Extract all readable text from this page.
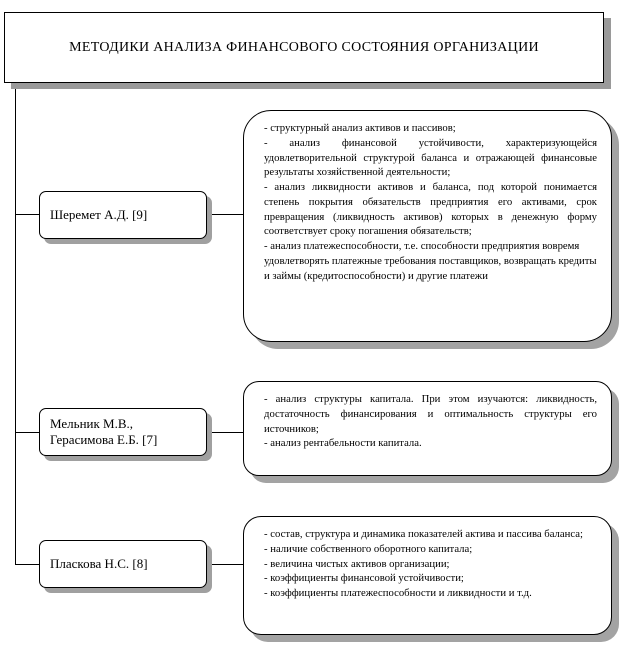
МЕТОДИКИ АНАЛИЗА ФИНАНСОВОГО СОСТОЯНИЯ ОРГАНИЗАЦИИ
Шеремет А.Д. [9]
- структурный анализ активов и пассивов;
- анализ финансовой устойчивости, характеризующейся удовлетворительной структурой баланса и отражающей финансовые результаты хозяйственной деятельности;
- анализ ликвидности активов и баланса, под которой понимается степень покрытия обязательств предприятия его активами, срок превращения (ликвидность активов) которых в денежную форму соответствует сроку погашения обязательств;
- анализ платежеспособности, т.е. способности предприятия вовремя удовлетворять платежные требования поставщиков, возвращать кредиты и займы (кредитоспособности) и другие платежи
Мельник М.В., Герасимова Е.Б. [7]
- анализ структуры капитала. При этом изучаются: ликвидность, достаточность финансирования и оптимальность структуры его источников;
- анализ рентабельности капитала.
Пласкова Н.С. [8]
- состав, структура и динамика показателей актива и пассива баланса;
- наличие собственного оборотного капитала;
- величина чистых активов организации;
- коэффициенты финансовой устойчивости;
- коэффициенты платежеспособности и ликвидности и т.д.
